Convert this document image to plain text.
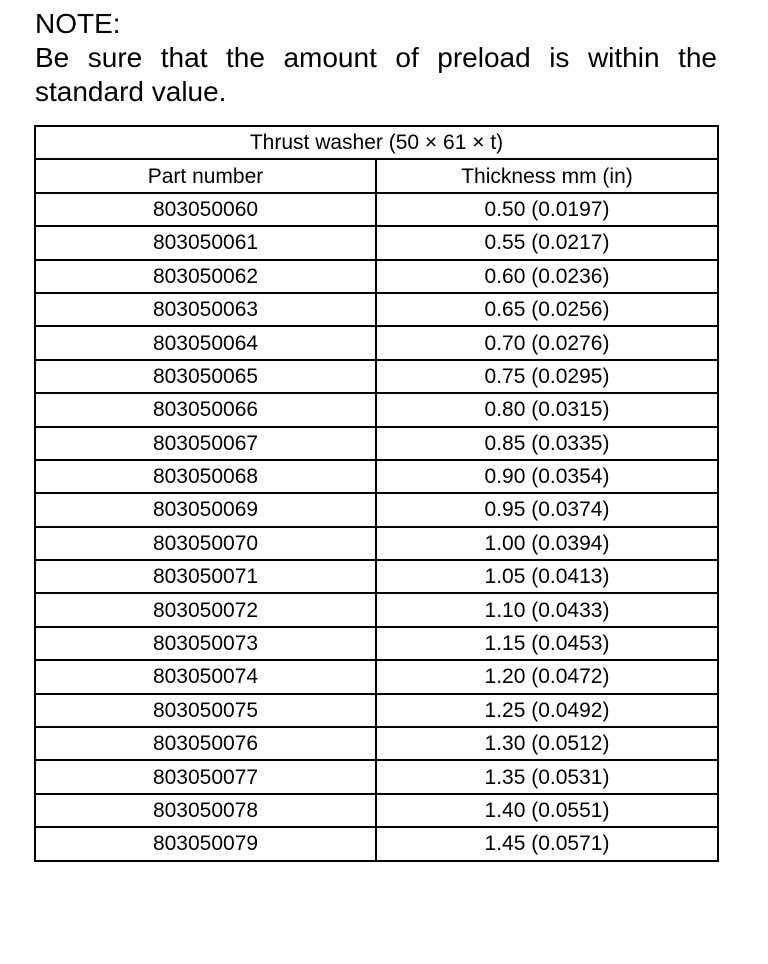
NOTE:
Be sure that the amount of preload is within the standard value.
Thrust washer (50 × 61 × t)	
Part number	Thickness mm (in)
803050060	0.50 (0.0197)
803050061	0.55 (0.0217)
803050062	0.60 (0.0236)
803050063	0.65 (0.0256)
803050064	0.70 (0.0276)
803050065	0.75 (0.0295)
803050066	0.80 (0.0315)
803050067	0.85 (0.0335)
803050068	0.90 (0.0354)
803050069	0.95 (0.0374)
803050070	1.00 (0.0394)
803050071	1.05 (0.0413)
803050072	1.10 (0.0433)
803050073	1.15 (0.0453)
803050074	1.20 (0.0472)
803050075	1.25 (0.0492)
803050076	1.30 (0.0512)
803050077	1.35 (0.0531)
803050078	1.40 (0.0551)
803050079	1.45 (0.0571)
